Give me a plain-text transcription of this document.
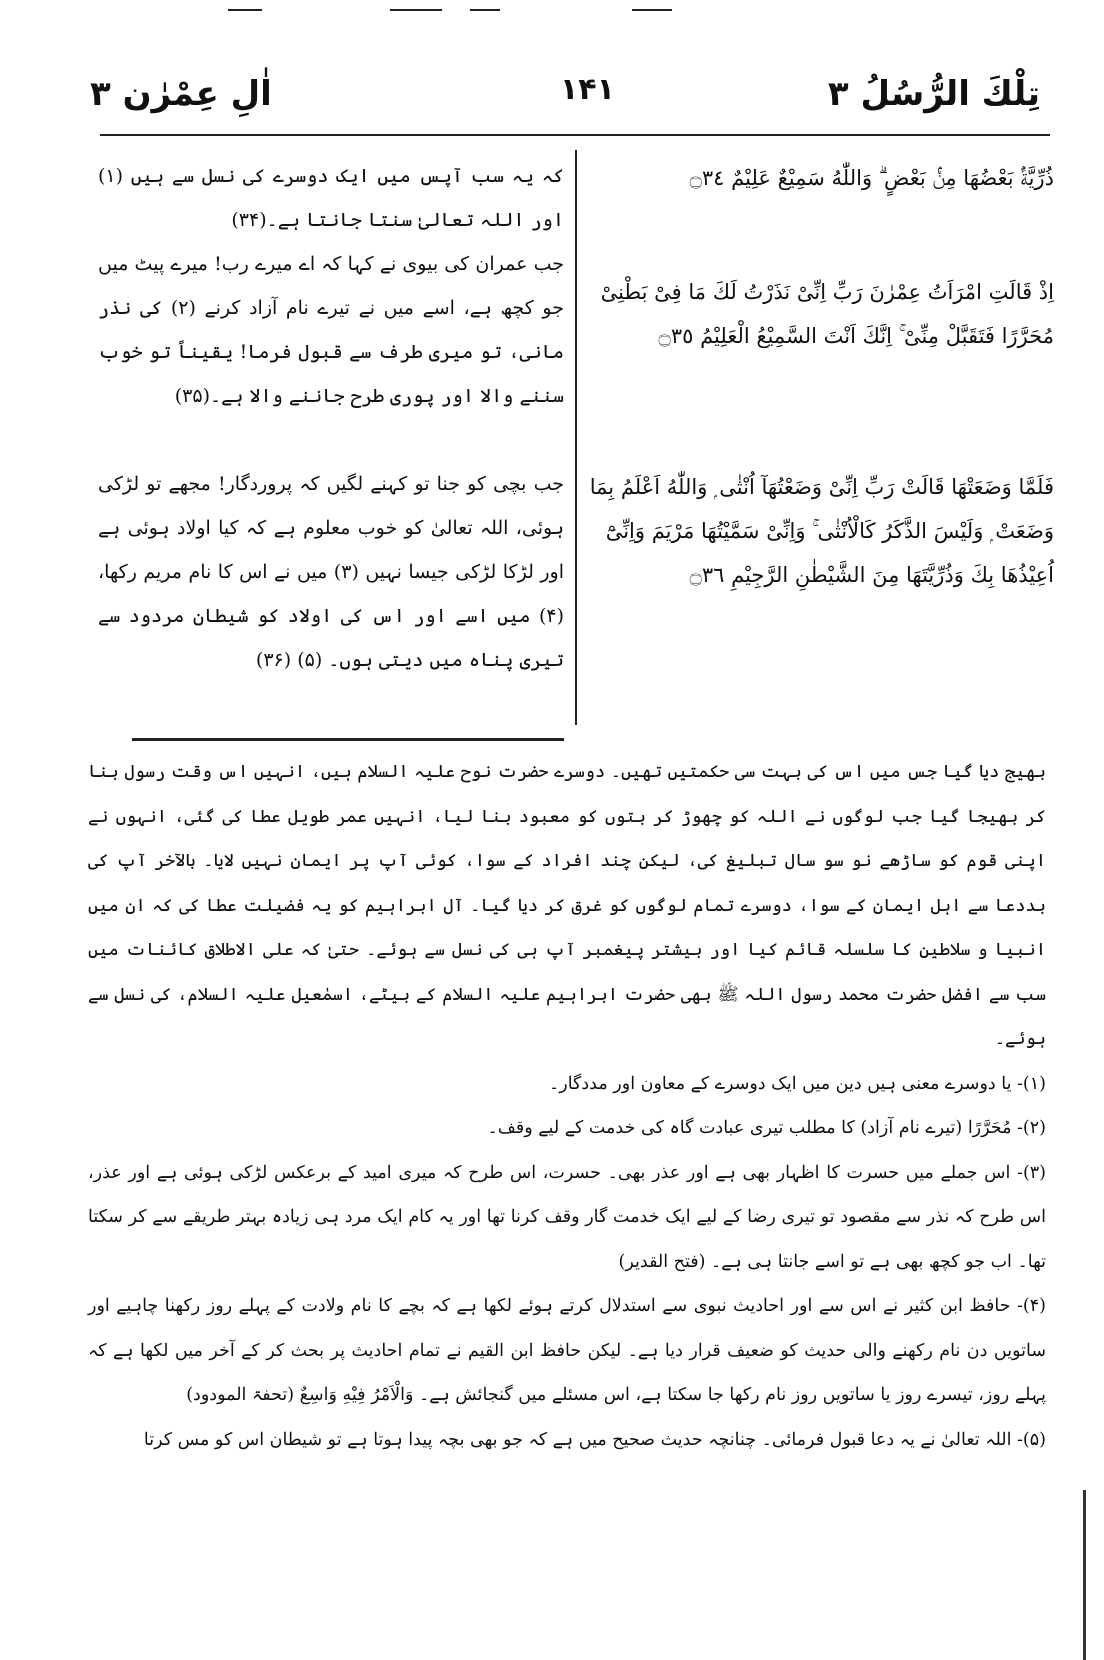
تِلْكَ الرُّسُلُ ٣
۱۴۱
اٰلِ عِمْرٰن ٣
ذُرِّيَّةًۢ بَعْضُهَا مِنْۢ بَعْضٍ ۗ وَاللّٰهُ سَمِيْعٌ عَلِيْمٌ ۝٣٤
اِذْ قَالَتِ امْرَاَتُ عِمْرٰنَ رَبِّ اِنِّىْ نَذَرْتُ لَكَ مَا فِىْ بَطْنِىْ مُحَرَّرًا فَتَقَبَّلْ مِنِّىْ ۚ اِنَّكَ اَنْتَ السَّمِيْعُ الْعَلِيْمُ ۝٣٥
فَلَمَّا وَضَعَتْهَا قَالَتْ رَبِّ اِنِّىْ وَضَعْتُهَآ اُنْثٰى ۭ وَاللّٰهُ اَعْلَمُ بِمَا وَضَعَتْ ۭ وَلَيْسَ الذَّكَرُ كَالْاُنْثٰى ۚ وَاِنِّىْ سَمَّيْتُهَا مَرْيَمَ وَاِنِّىْٓ اُعِيْذُھَا بِكَ وَذُرِّيَّتَهَا مِنَ الشَّيْطٰنِ الرَّجِيْمِ ۝٣٦
کہ یہ سب آپس میں ایک دوسرے کی نسل سے ہیں (۱) اور اللہ تعالیٰ سنتا جانتا ہے۔(۳۴)
جب عمران کی بیوی نے کہا کہ اے میرے رب! میرے پیٹ میں جو کچھ ہے، اسے میں نے تیرے نام آزاد کرنے (۲) کی نذر مانی، تو میری طرف سے قبول فرما! یقیناً تو خوب سننے والا اور پوری طرح جاننے والا ہے۔(۳۵)
جب بچی کو جنا تو کہنے لگیں کہ پروردگار! مجھے تو لڑکی ہوئی، اللہ تعالیٰ کو خوب معلوم ہے کہ کیا اولاد ہوئی ہے اور لڑکا لڑکی جیسا نہیں (۳) میں نے اس کا نام مریم رکھا، (۴) میں اسے اور اس کی اولاد کو شیطان مردود سے تیری پناہ میں دیتی ہوں۔ (۵) (۳۶)

بھیج دیا گیا جس میں اس کی بہت سی حکمتیں تھیں۔ دوسرے حضرت نوح علیہ السلام ہیں، انہیں اس وقت رسول بنا کر بھیجا گیا جب لوگوں نے اللہ کو چھوڑ کر بتوں کو معبود بنا لیا، انہیں عمر طویل عطا کی گئی، انہوں نے اپنی قوم کو ساڑھے نو سو سال تبلیغ کی، لیکن چند افراد کے سوا، کوئی آپ پر ایمان نہیں لایا۔ بالآخر آپ کی بددعا سے اہل ایمان کے سوا، دوسرے تمام لوگوں کو غرق کر دیا گیا۔ آل ابراہیم کو یہ فضیلت عطا کی کہ ان میں انبیا و سلاطین کا سلسلہ قائم کیا اور بیشتر پیغمبر آپ ہی کی نسل سے ہوئے۔ حتیٰ کہ علی الاطلاق کائنات میں سب سے افضل حضرت محمد رسول اللہ ﷺ بھی حضرت ابراہیم علیہ السلام کے بیٹے، اسمٰعیل علیہ السلام، کی نسل سے ہوئے۔

(۱)- یا دوسرے معنی ہیں دین میں ایک دوسرے کے معاون اور مددگار۔

(۲)- مُحَرَّرًا (تیرے نام آزاد) کا مطلب تیری عبادت گاہ کی خدمت کے لیے وقف۔

(۳)- اس جملے میں حسرت کا اظہار بھی ہے اور عذر بھی۔ حسرت، اس طرح کہ میری امید کے برعکس لڑکی ہوئی ہے اور عذر، اس طرح کہ نذر سے مقصود تو تیری رضا کے لیے ایک خدمت گار وقف کرنا تھا اور یہ کام ایک مرد ہی زیادہ بہتر طریقے سے کر سکتا تھا۔ اب جو کچھ بھی ہے تو اسے جانتا ہی ہے۔ (فتح القدیر)

(۴)- حافظ ابن کثیر نے اس سے اور احادیث نبوی سے استدلال کرتے ہوئے لکھا ہے کہ بچے کا نام ولادت کے پہلے روز رکھنا چاہیے اور ساتویں دن نام رکھنے والی حدیث کو ضعیف قرار دیا ہے۔ لیکن حافظ ابن القیم نے تمام احادیث پر بحث کر کے آخر میں لکھا ہے کہ پہلے روز، تیسرے روز یا ساتویں روز نام رکھا جا سکتا ہے، اس مسئلے میں گنجائش ہے۔ وَالْاَمْرُ فِیْهِ وَاسِعٌ (تحفۃ المودود)

(۵)- اللہ تعالیٰ نے یہ دعا قبول فرمائی۔ چنانچہ حدیث صحیح میں ہے کہ جو بھی بچہ پیدا ہوتا ہے تو شیطان اس کو مس کرتا
